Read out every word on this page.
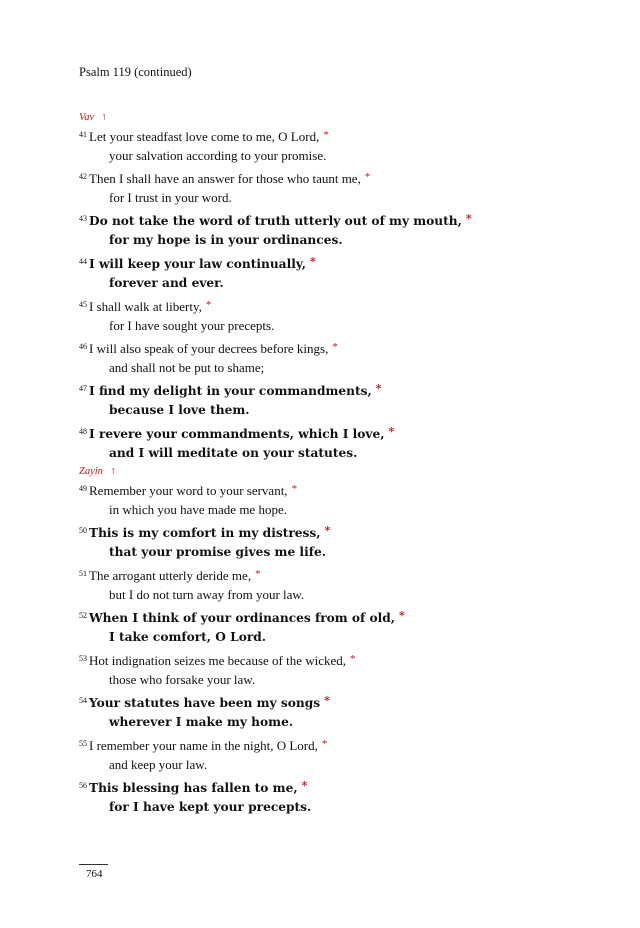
Psalm 119 (continued)
Vav ו
$^{41}$ Let your steadfast love come to me, O Lord, *
your salvation according to your promise.
$^{42}$ Then I shall have an answer for those who taunt me, *
for I trust in your word.
$^{43}$ Do not take the word of truth utterly out of my mouth, *
for my hope is in your ordinances.
$^{44}$ I will keep your law continually, *
forever and ever.
$^{45}$ I shall walk at liberty, *
for I have sought your precepts.
$^{46}$ I will also speak of your decrees before kings, *
and shall not be put to shame;
$^{47}$ I find my delight in your commandments, *
because I love them.
$^{48}$ I revere your commandments, which I love, *
and I will meditate on your statutes.
Zayin ז
$^{49}$ Remember your word to your servant, *
in which you have made me hope.
$^{50}$ This is my comfort in my distress, *
that your promise gives me life.
$^{51}$ The arrogant utterly deride me, *
but I do not turn away from your law.
$^{52}$ When I think of your ordinances from of old, *
I take comfort, O Lord.
$^{53}$ Hot indignation seizes me because of the wicked, *
those who forsake your law.
$^{54}$ Your statutes have been my songs *
wherever I make my home.
$^{55}$ I remember your name in the night, O Lord, *
and keep your law.
$^{56}$ This blessing has fallen to me, *
for I have kept your precepts.
764
